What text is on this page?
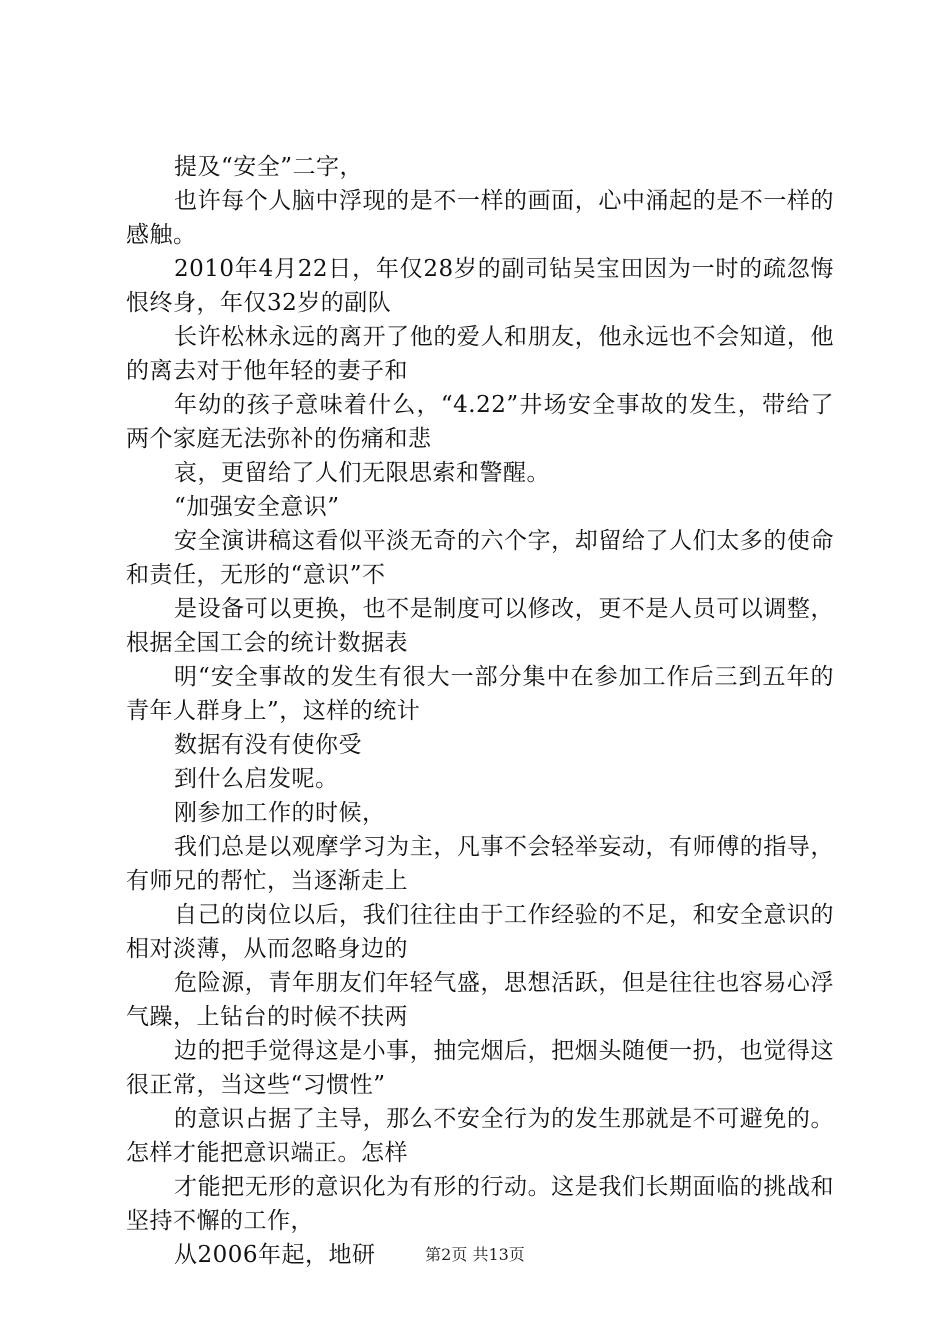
提及“安全”二字，

也许每个人脑中浮现的是不一样的画面，心中涌起的是不一样的感触。

2010年4月22日，年仅28岁的副司钻吴宝田因为一时的疏忽悔恨终身，年仅32岁的副队

长许松林永远的离开了他的爱人和朋友，他永远也不会知道，他的离去对于他年轻的妻子和

年幼的孩子意味着什么，“4.22”井场安全事故的发生，带给了两个家庭无法弥补的伤痛和悲

哀，更留给了人们无限思索和警醒。

“加强安全意识”

安全演讲稿这看似平淡无奇的六个字，却留给了人们太多的使命和责任，无形的“意识”不

是设备可以更换，也不是制度可以修改，更不是人员可以调整，根据全国工会的统计数据表

明“安全事故的发生有很大一部分集中在参加工作后三到五年的青年人群身上”，这样的统计

数据有没有使你受

到什么启发呢。

刚参加工作的时候，

我们总是以观摩学习为主，凡事不会轻举妄动，有师傅的指导，有师兄的帮忙，当逐渐走上

自己的岗位以后，我们往往由于工作经验的不足，和安全意识的相对淡薄，从而忽略身边的

危险源，青年朋友们年轻气盛，思想活跃，但是往往也容易心浮气躁，上钻台的时候不扶两

边的把手觉得这是小事，抽完烟后，把烟头随便一扔，也觉得这很正常，当这些“习惯性”

的意识占据了主导，那么不安全行为的发生那就是不可避免的。怎样才能把意识端正。怎样

才能把无形的意识化为有形的行动。这是我们长期面临的挑战和坚持不懈的工作，

从2006年起，地研	第2页 共13页
